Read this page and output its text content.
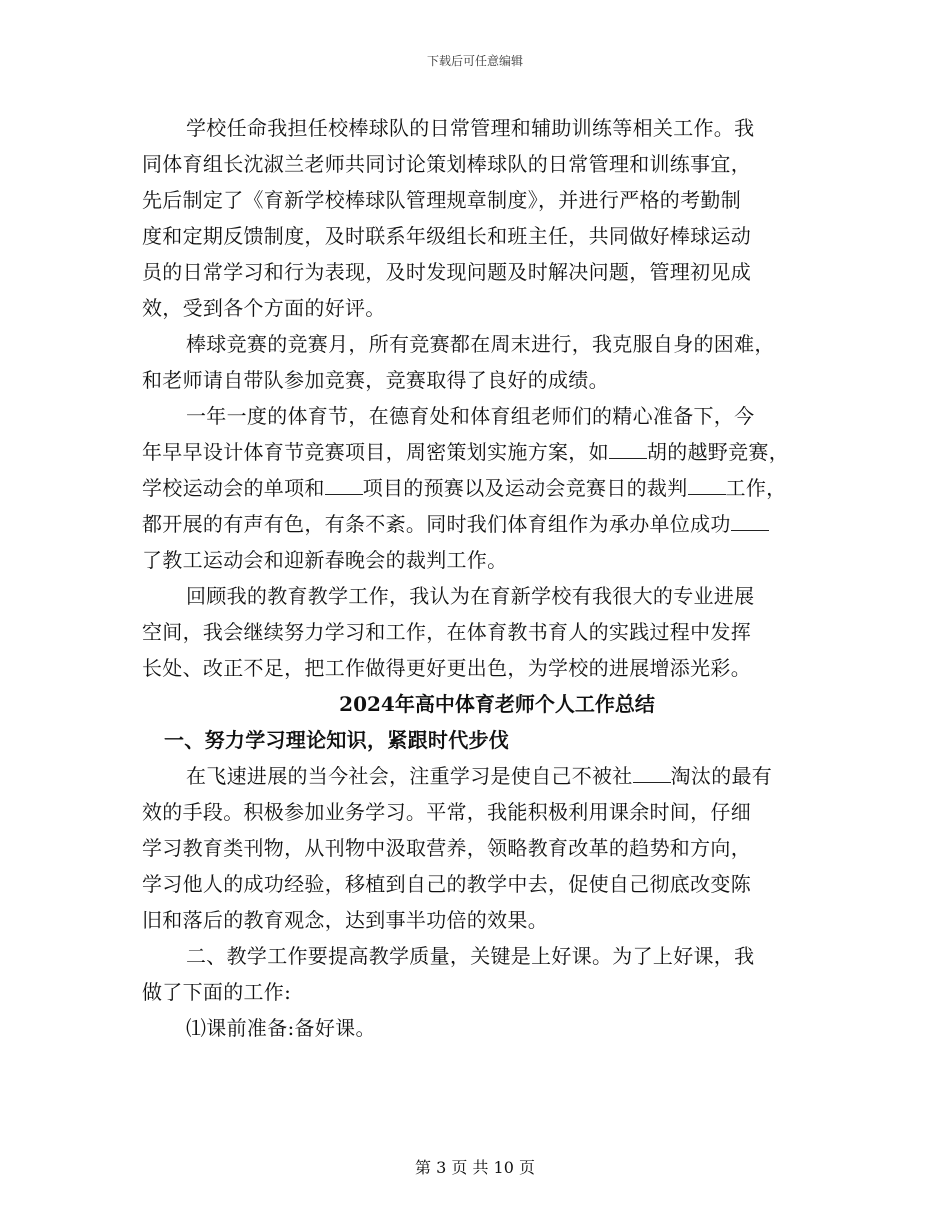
下载后可任意编辑
学校任命我担任校棒球队的日常管理和辅助训练等相关工作。我
同体育组长沈淑兰老师共同讨论策划棒球队的日常管理和训练事宜，
先后制定了《育新学校棒球队管理规章制度》，并进行严格的考勤制
度和定期反馈制度，及时联系年级组长和班主任，共同做好棒球运动
员的日常学习和行为表现，及时发现问题及时解决问题，管理初见成
效，受到各个方面的好评。
棒球竞赛的竞赛月，所有竞赛都在周末进行，我克服自身的困难，
和老师请自带队参加竞赛，竞赛取得了良好的成绩。
一年一度的体育节，在德育处和体育组老师们的精心准备下，今
年早早设计体育节竞赛项目，周密策划实施方案，如 胡的越野竞赛，
学校运动会的单项和 项目的预赛以及运动会竞赛日的裁判 工作，
都开展的有声有色，有条不紊。同时我们体育组作为承办单位成功
了教工运动会和迎新春晚会的裁判工作。
回顾我的教育教学工作，我认为在育新学校有我很大的专业进展
空间，我会继续努力学习和工作，在体育教书育人的实践过程中发挥
长处、改正不足，把工作做得更好更出色，为学校的进展增添光彩。
2024年高中体育老师个人工作总结
一、努力学习理论知识，紧跟时代步伐
在飞速进展的当今社会，注重学习是使自己不被社 淘汰的最有
效的手段。积极参加业务学习。平常，我能积极利用课余时间，仔细
学习教育类刊物，从刊物中汲取营养，领略教育改革的趋势和方向，
学习他人的成功经验，移植到自己的教学中去，促使自己彻底改变陈
旧和落后的教育观念，达到事半功倍的效果。
二、教学工作要提高教学质量，关键是上好课。为了上好课，我
做了下面的工作:
⑴课前准备:备好课。
第 3 页 共 10 页
